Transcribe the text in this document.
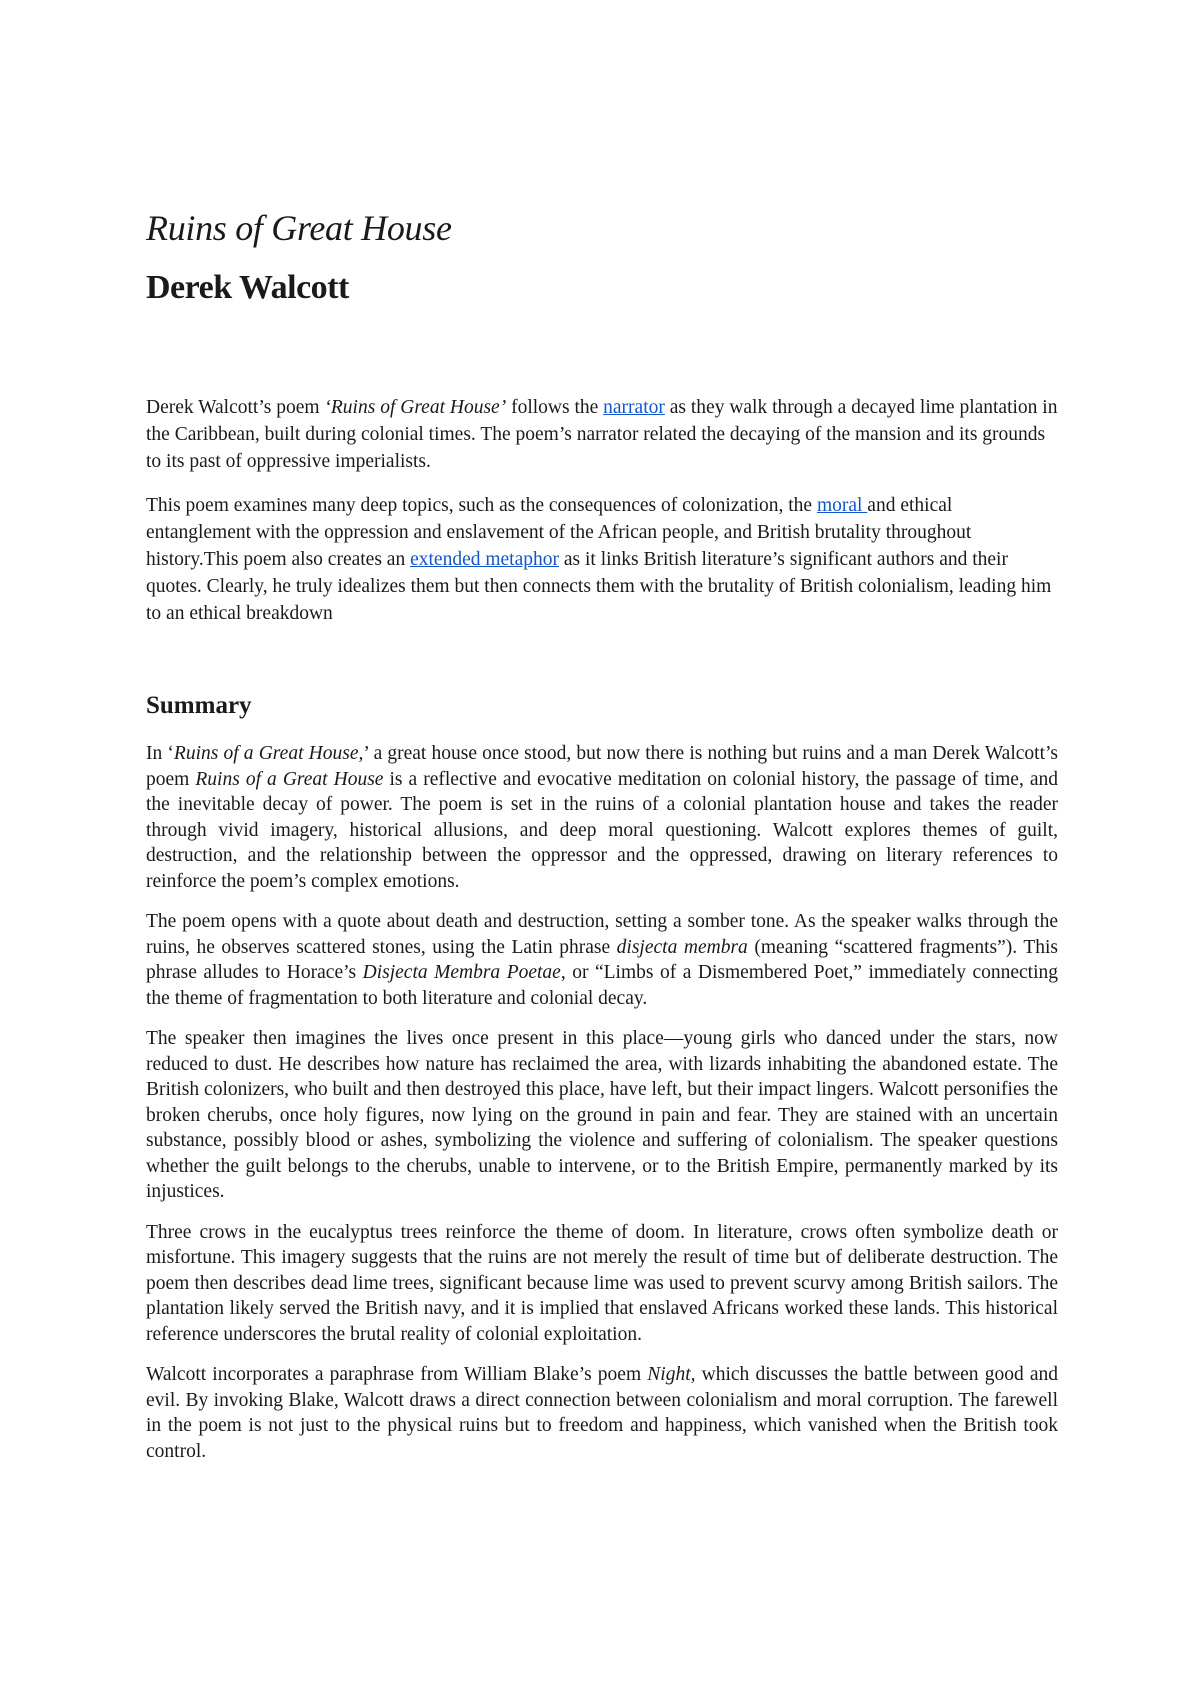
Ruins of Great House
Derek Walcott

Derek Walcott’s poem ‘Ruins of Great House’ follows the narrator as they walk through a decayed lime plantation in the Caribbean, built during colonial times. The poem’s narrator related the decaying of the mansion and its grounds to its past of oppressive imperialists.

This poem examines many deep topics, such as the consequences of colonization, the moral and ethical entanglement with the oppression and enslavement of the African people, and British brutality throughout history.This poem also creates an extended metaphor as it links British literature’s significant authors and their quotes. Clearly, he truly idealizes them but then connects them with the brutality of British colonialism, leading him to an ethical breakdown

Summary

In ‘Ruins of a Great House,’ a great house once stood, but now there is nothing but ruins and a man Derek Walcott’s poem Ruins of a Great House is a reflective and evocative meditation on colonial history, the passage of time, and the inevitable decay of power. The poem is set in the ruins of a colonial plantation house and takes the reader through vivid imagery, historical allusions, and deep moral questioning. Walcott explores themes of guilt, destruction, and the relationship between the oppressor and the oppressed, drawing on literary references to reinforce the poem’s complex emotions.

The poem opens with a quote about death and destruction, setting a somber tone. As the speaker walks through the ruins, he observes scattered stones, using the Latin phrase disjecta membra (meaning “scattered fragments”). This phrase alludes to Horace’s Disjecta Membra Poetae, or “Limbs of a Dismembered Poet,” immediately connecting the theme of fragmentation to both literature and colonial decay.

The speaker then imagines the lives once present in this place—young girls who danced under the stars, now reduced to dust. He describes how nature has reclaimed the area, with lizards inhabiting the abandoned estate. The British colonizers, who built and then destroyed this place, have left, but their impact lingers. Walcott personifies the broken cherubs, once holy figures, now lying on the ground in pain and fear. They are stained with an uncertain substance, possibly blood or ashes, symbolizing the violence and suffering of colonialism. The speaker questions whether the guilt belongs to the cherubs, unable to intervene, or to the British Empire, permanently marked by its injustices.

Three crows in the eucalyptus trees reinforce the theme of doom. In literature, crows often symbolize death or misfortune. This imagery suggests that the ruins are not merely the result of time but of deliberate destruction. The poem then describes dead lime trees, significant because lime was used to prevent scurvy among British sailors. The plantation likely served the British navy, and it is implied that enslaved Africans worked these lands. This historical reference underscores the brutal reality of colonial exploitation.

Walcott incorporates a paraphrase from William Blake’s poem Night, which discusses the battle between good and evil. By invoking Blake, Walcott draws a direct connection between colonialism and moral corruption. The farewell in the poem is not just to the physical ruins but to freedom and happiness, which vanished when the British took control.
